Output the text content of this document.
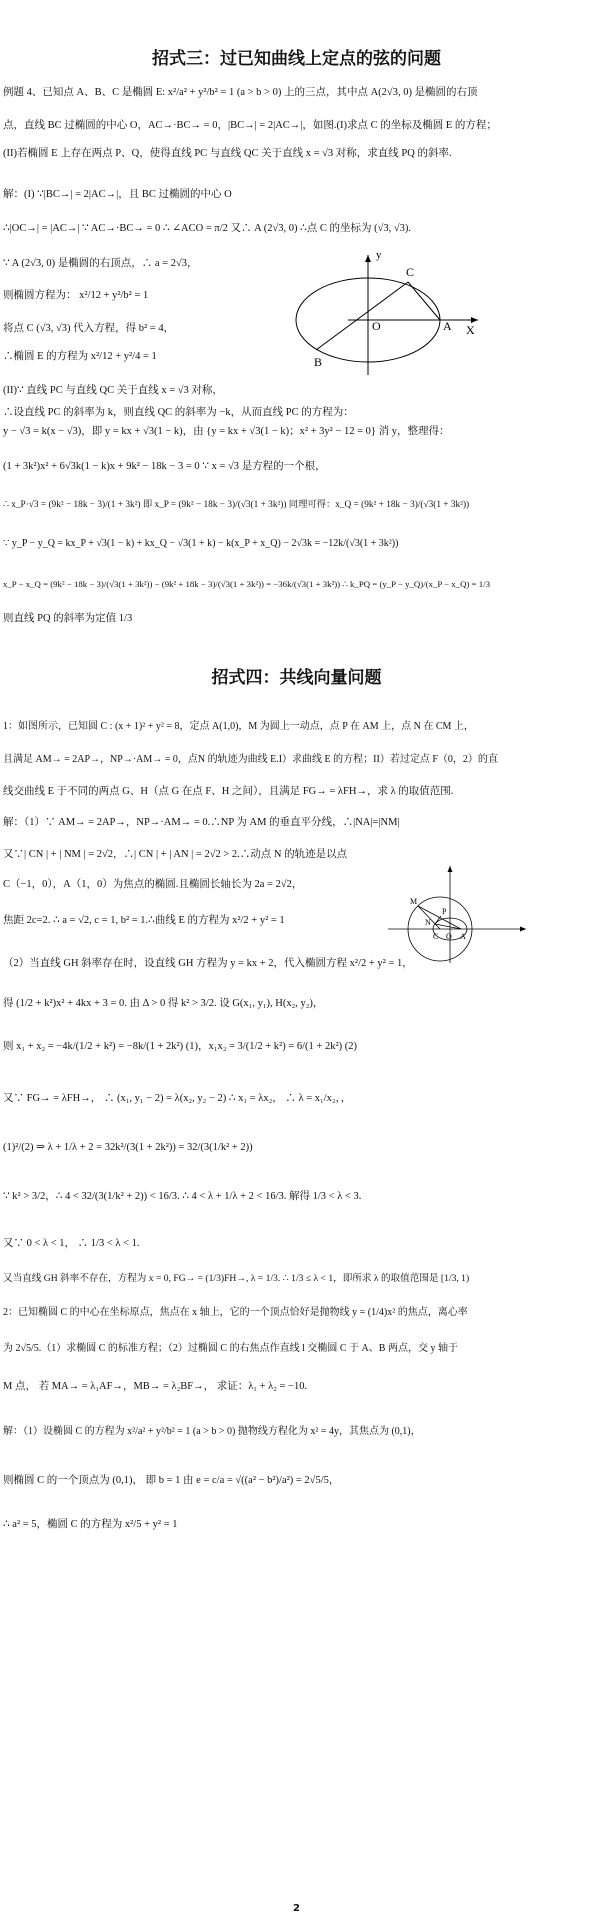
招式三：过已知曲线上定点的弦的问题
例题 4、已知点 A、B、C 是椭圆 E: x²/a² + y²/b² = 1 (a > b > 0) 上的三点，其中点 A(2√3, 0) 是椭圆的右顶
点，直线 BC 过椭圆的中心 O，AC→·BC→ = 0，|BC→| = 2|AC→|，如图.(I)求点 C 的坐标及椭圆 E 的方程；
(II)若椭圆 E 上存在两点 P、Q，使得直线 PC 与直线 QC 关于直线 x = √3 对称，求直线 PQ 的斜率.
解：(I) ∵|BC→| = 2|AC→|，且 BC 过椭圆的中心 O
∴|OC→| = |AC→| ∵ AC→·BC→ = 0 ∴ ∠ACO = π/2 又∴ A (2√3, 0) ∴点 C 的坐标为 (√3, √3).
∵ A (2√3, 0) 是椭圆的右顶点，∴ a = 2√3，
则椭圆方程为： x²/12 + y²/b² = 1
将点 C (√3, √3) 代入方程，得 b² = 4，
∴椭圆 E 的方程为 x²/12 + y²/4 = 1
(II)∵ 直线 PC 与直线 QC 关于直线 x = √3 对称，
∴设直线 PC 的斜率为 k，则直线 QC 的斜率为 −k，从而直线 PC 的方程为：
y − √3 = k(x − √3)，即 y = kx + √3(1 − k)，由 {y = kx + √3(1 − k)；x² + 3y² − 12 = 0} 消 y，整理得：
(1 + 3k²)x² + 6√3k(1 − k)x + 9k² − 18k − 3 = 0 ∵ x = √3 是方程的一个根，
∴ x_P·√3 = (9k² − 18k − 3)/(1 + 3k²) 即 x_P = (9k² − 18k − 3)/(√3(1 + 3k²)) 同理可得：x_Q = (9k² + 18k − 3)/(√3(1 + 3k²))
∵ y_P − y_Q = kx_P + √3(1 − k) + kx_Q − √3(1 + k) − k(x_P + x_Q) − 2√3k = −12k/(√3(1 + 3k²))
x_P − x_Q = (9k² − 18k − 3)/(√3(1 + 3k²)) − (9k² + 18k − 3)/(√3(1 + 3k²)) = −36k/(√3(1 + 3k²)) ∴ k_PQ = (y_P − y_Q)/(x_P − x_Q) = 1/3
则直线 PQ 的斜率为定值 1/3
y
X
O	A
B
C
招式四：共线向量问题
1：如图所示，已知圆 C : (x + 1)² + y² = 8，定点 A(1,0)，M 为圆上一动点，点 P 在 AM 上，点 N 在 CM 上，
且满足 AM→ = 2AP→，NP→·AM→ = 0，点N 的轨迹为曲线 E.I）求曲线 E 的方程；II）若过定点 F（0，2）的直
线交曲线 E 于不同的两点 G、H（点 G 在点 F、H 之间），且满足 FG→ = λFH→，求 λ 的取值范围.
解：（1）∵ AM→ = 2AP→，NP→·AM→ = 0.∴NP 为 AM 的垂直平分线，∴|NA|=|NM|
又∵| CN | + | NM | = 2√2，∴| CN | + | AN | = 2√2 > 2.∴动点 N 的轨迹是以点
C（−1，0），A（1，0）为焦点的椭圆.且椭圆长轴长为 2a = 2√2，
焦距 2c=2. ∴ a = √2, c = 1, b² = 1.∴曲线 E 的方程为 x²/2 + y² = 1
（2）当直线 GH 斜率存在时，设直线 GH 方程为 y = kx + 2，代入椭圆方程 x²/2 + y² = 1，
得 (1/2 + k²)x² + 4kx + 3 = 0. 由 Δ > 0 得 k² > 3/2. 设 G(x₁, y₁), H(x₂, y₂)，
则 x₁ + x₂ = −4k/(1/2 + k²) = −8k/(1 + 2k²) (1)，x₁x₂ = 3/(1/2 + k²) = 6/(1 + 2k²) (2)
又∵ FG→ = λFH→， ∴ (x₁, y₁ − 2) = λ(x₂, y₂ − 2) ∴ x₁ = λx₂， ∴ λ = x₁/x₂，，
(1)²/(2) ⇒ λ + 1/λ + 2 = 32k²/(3(1 + 2k²)) = 32/(3(1/k² + 2))
∵ k² > 3/2，∴ 4 < 32/(3(1/k² + 2)) < 16/3. ∴ 4 < λ + 1/λ + 2 < 16/3. 解得 1/3 < λ < 3.
又∵ 0 < λ < 1， ∴ 1/3 < λ < 1.
又当直线 GH 斜率不存在，方程为 x = 0, FG→ = (1/3)FH→, λ = 1/3. ∴ 1/3 ≤ λ < 1，即所求 λ 的取值范围是 [1/3, 1)
2：已知椭圆 C 的中心在坐标原点，焦点在 x 轴上，它的一个顶点恰好是抛物线 y = (1/4)x² 的焦点，离心率
为 2√5/5.（1）求椭圆 C 的标准方程；（2）过椭圆 C 的右焦点作直线 l 交椭圆 C 于 A、B 两点，交 y 轴于
M 点， 若 MA→ = λ₁AF→，MB→ = λ₂BF→， 求证：λ₁ + λ₂ = −10.
解：（1）设椭圆 C 的方程为 x²/a² + y²/b² = 1 (a > b > 0) 抛物线方程化为 x² = 4y，其焦点为 (0,1)，
则椭圆 C 的一个顶点为 (0,1)， 即 b = 1 由 e = c/a = √((a² − b²)/a²) = 2√5/5，
∴ a² = 5，椭圆 C 的方程为 x²/5 + y² = 1
M
P
N
C O A
2
